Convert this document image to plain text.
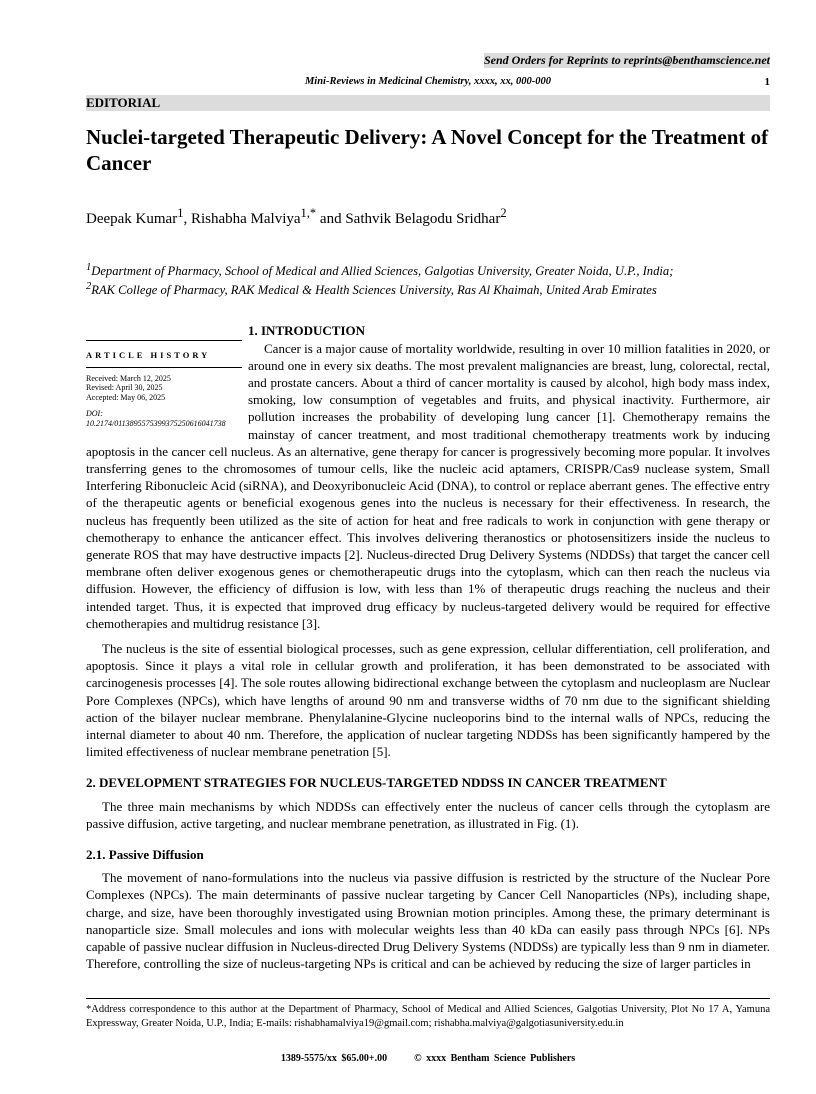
Send Orders for Reprints to reprints@benthamscience.net
Mini-Reviews in Medicinal Chemistry, xxxx, xx, 000-000	1
EDITORIAL
Nuclei-targeted Therapeutic Delivery: A Novel Concept for the Treatment of Cancer
Deepak Kumar$^1$, Rishabha Malviya$^{1,*}$ and Sathvik Belagodu Sridhar$^2$
$^1$Department of Pharmacy, School of Medical and Allied Sciences, Galgotias University, Greater Noida, U.P., India;
$^2$RAK College of Pharmacy, RAK Medical & Health Sciences University, Ras Al Khaimah, United Arab Emirates
ARTICLE HISTORY

Received: March 12, 2025
Revised: April 30, 2025
Accepted: May 06, 2025

DOI:
10.2174/0113895575399375250616041738

1. INTRODUCTION

Cancer is a major cause of mortality worldwide, resulting in over 10 million fatalities in 2020, or around one in every six deaths. The most prevalent malignancies are breast, lung, colorectal, rectal, and prostate cancers. About a third of cancer mortality is caused by alcohol, high body mass index, smoking, low consumption of vegetables and fruits, and physical inactivity. Furthermore, air pollution increases the probability of developing lung cancer [1]. Chemotherapy remains the mainstay of cancer treatment, and most traditional chemotherapy treatments work by inducing apoptosis in the cancer cell nucleus. As an alternative, gene therapy for cancer is progressively becoming more popular. It involves transferring genes to the chromosomes of tumour cells, like the nucleic acid aptamers, CRISPR/Cas9 nuclease system, Small Interfering Ribonucleic Acid (siRNA), and Deoxyribonucleic Acid (DNA), to control or replace aberrant genes. The effective entry of the therapeutic agents or beneficial exogenous genes into the nucleus is necessary for their effectiveness. In research, the nucleus has frequently been utilized as the site of action for heat and free radicals to work in conjunction with gene therapy or chemotherapy to enhance the anticancer effect. This involves delivering theranostics or photosensitizers inside the nucleus to generate ROS that may have destructive impacts [2]. Nucleus-directed Drug Delivery Systems (NDDSs) that target the cancer cell membrane often deliver exogenous genes or chemotherapeutic drugs into the cytoplasm, which can then reach the nucleus via diffusion. However, the efficiency of diffusion is low, with less than 1% of therapeutic drugs reaching the nucleus and their intended target. Thus, it is expected that improved drug efficacy by nucleus-targeted delivery would be required for effective chemotherapies and multidrug resistance [3].

The nucleus is the site of essential biological processes, such as gene expression, cellular differentiation, cell proliferation, and apoptosis. Since it plays a vital role in cellular growth and proliferation, it has been demonstrated to be associated with carcinogenesis processes [4]. The sole routes allowing bidirectional exchange between the cytoplasm and nucleoplasm are Nuclear Pore Complexes (NPCs), which have lengths of around 90 nm and transverse widths of 70 nm due to the significant shielding action of the bilayer nuclear membrane. Phenylalanine-Glycine nucleoporins bind to the internal walls of NPCs, reducing the internal diameter to about 40 nm. Therefore, the application of nuclear targeting NDDSs has been significantly hampered by the limited effectiveness of nuclear membrane penetration [5].

2. DEVELOPMENT STRATEGIES FOR NUCLEUS-TARGETED NDDSS IN CANCER TREATMENT

The three main mechanisms by which NDDSs can effectively enter the nucleus of cancer cells through the cytoplasm are passive diffusion, active targeting, and nuclear membrane penetration, as illustrated in Fig. (1).

2.1. Passive Diffusion

The movement of nano-formulations into the nucleus via passive diffusion is restricted by the structure of the Nuclear Pore Complexes (NPCs). The main determinants of passive nuclear targeting by Cancer Cell Nanoparticles (NPs), including shape, charge, and size, have been thoroughly investigated using Brownian motion principles. Among these, the primary determinant is nanoparticle size. Small molecules and ions with molecular weights less than 40 kDa can easily pass through NPCs [6]. NPs capable of passive nuclear diffusion in Nucleus-directed Drug Delivery Systems (NDDSs) are typically less than 9 nm in diameter. Therefore, controlling the size of nucleus-targeting NPs is critical and can be achieved by reducing the size of larger particles in

*Address correspondence to this author at the Department of Pharmacy, School of Medical and Allied Sciences, Galgotias University, Plot No 17 A, Yamuna Expressway, Greater Noida, U.P., India; E-mails: rishabhamalviya19@gmail.com; rishabha.malviya@galgotiasuniversity.edu.in
1389-5575/xx $65.00+.00      © xxxx Bentham Science Publishers
